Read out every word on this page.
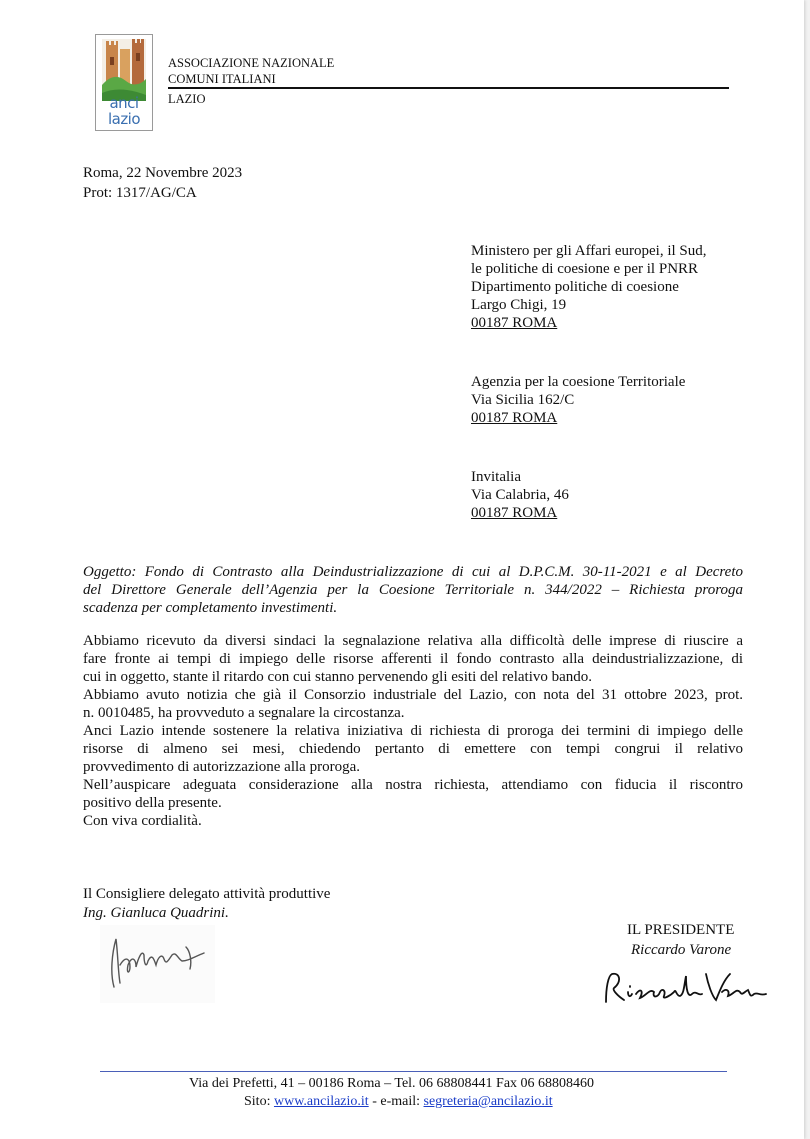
anci
lazio
ASSOCIAZIONE NAZIONALE
COMUNI ITALIANI
LAZIO
Roma, 22 Novembre 2023
Prot: 1317/AG/CA
Ministero per gli Affari europei, il Sud,
le politiche di coesione e per il PNRR
Dipartimento politiche di coesione
Largo Chigi, 19
00187 ROMA
Agenzia per la coesione Territoriale
Via Sicilia 162/C
00187 ROMA
Invitalia
Via Calabria, 46
00187 ROMA
Oggetto: Fondo di Contrasto alla Deindustrializzazione di cui al D.P.C.M. 30-11-2021 e al Decreto
del Direttore Generale dell’Agenzia per la Coesione Territoriale n. 344/2022 – Richiesta proroga
scadenza per completamento investimenti.
Abbiamo ricevuto da diversi sindaci la segnalazione relativa alla difficoltà delle imprese di riuscire a
fare fronte ai tempi di impiego delle risorse afferenti il fondo contrasto alla deindustrializzazione, di
cui in oggetto, stante il ritardo con cui stanno pervenendo gli esiti del relativo bando.
Abbiamo avuto notizia che già il Consorzio industriale del Lazio, con nota del 31 ottobre 2023, prot.
n. 0010485, ha provveduto a segnalare la circostanza.
Anci Lazio intende sostenere la relativa iniziativa di richiesta di proroga dei termini di impiego delle
risorse di almeno sei mesi, chiedendo pertanto di emettere con tempi congrui il relativo
provvedimento di autorizzazione alla proroga.
Nell’auspicare adeguata considerazione alla nostra richiesta, attendiamo con fiducia il riscontro
positivo della presente.
Con viva cordialità.
Il Consigliere delegato attività produttive
Ing. Gianluca Quadrini.
IL PRESIDENTE
Riccardo Varone
Via dei Prefetti, 41 – 00186 Roma – Tel. 06 68808441 Fax 06 68808460
Sito: www.ancilazio.it - e-mail: segreteria@ancilazio.it
